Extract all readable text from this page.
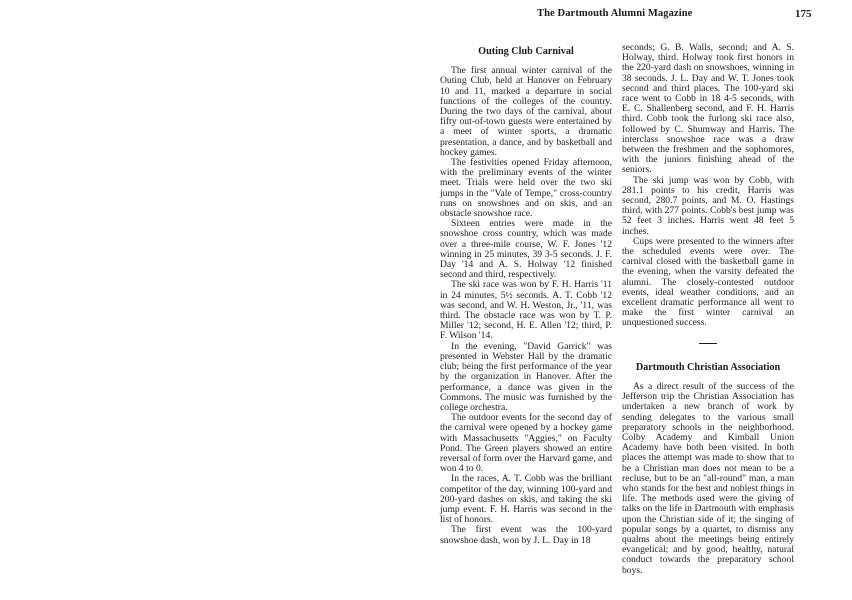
The Dartmouth Alumni Magazine	175
Outing Club Carnival

The first annual winter carnival of the Outing Club, held at Hanover on February 10 and 11, marked a departure in social functions of the colleges of the country. During the two days of the carnival, about fifty out-of-town guests were entertained by a meet of winter sports, a dramatic presentation, a dance, and by basketball and hockey games.

The festivities opened Friday afternoon, with the preliminary events of the winter meet. Trials were held over the two ski jumps in the "Vale of Tempe," cross-country runs on snowshoes and on skis, and an obstacle snowshoe race.

Sixteen entries were made in the snowshoe cross country, which was made over a three-mile course, W. F. Jones '12 winning in 25 minutes, 39 3-5 seconds. J. F. Day '14 and A. S. Holway '12 finished second and third, respectively.

The ski race was won by F. H. Harris '11 in 24 minutes, 5½ seconds. A. T. Cobb '12 was second, and W. H. Weston, Jr., '11, was third. The obstacle race was won by T. P. Miller '12; second, H. E. Allen '12; third, P. F. Wilson '14.

In the evening, "David Garrick" was presented in Webster Hall by the dramatic club; being the first performance of the year by the organization in Hanover. After the performance, a dance was given in the Commons. The music was furnished by the college orchestra.

The outdoor events for the second day of the carnival were opened by a hockey game with Massachusetts "Aggies," on Faculty Pond. The Green players showed an entire reversal of form over the Harvard game, and won 4 to 0.

In the races, A. T. Cobb was the brilliant competitor of the day, winning 100-yard and 200-yard dashes on skis, and taking the ski jump event. F. H. Harris was second in the list of honors.

The first event was the 100-yard snowshoe dash, won by J. L. Day in 18

seconds; G. B. Walls, second; and A. S. Holway, third. Holway took first honors in the 220-yard dash on snowshoes, winning in 38 seconds. J. L. Day and W. T. Jones took second and third places. The 100-yard ski race went to Cobb in 18 4-5 seconds, with E. C. Shallenberg second, and F. H. Harris third. Cobb took the furlong ski race also, followed by C. Shumway and Harris. The interclass snowshoe race was a draw between the freshmen and the sophomores, with the juniors finishing ahead of the seniors.

The ski jump was won by Cobb, with 281.1 points to his credit, Harris was second, 280.7 points, and M. O. Hastings third, with 277 points. Cobb's best jump was 52 feet 3 inches. Harris went 48 feet 5 inches.

Cups were presented to the winners after the scheduled events were over. The carnival closed with the basketball game in the evening, when the varsity defeated the alumni. The closely-contested outdoor events, ideal weather conditions, and an excellent dramatic performance all went to make the first winter carnival an unquestioned success.

Dartmouth Christian Association

As a direct result of the success of the Jefferson trip the Christian Association has undertaken a new branch of work by sending delegates to the various small preparatory schools in the neighborhood. Colby Academy and Kimball Union Academy have both been visited. In both places the attempt was made to show that to be a Christian man does not mean to be a recluse, but to be an "all-round" man, a man who stands for the best and noblest things in life. The methods used were the giving of talks on the life in Dartmouth with emphasis upon the Christian side of it; the singing of popular songs by a quartet, to dismiss any qualms about the meetings being entirely evangelical; and by good, healthy, natural conduct towards the preparatory school boys.
